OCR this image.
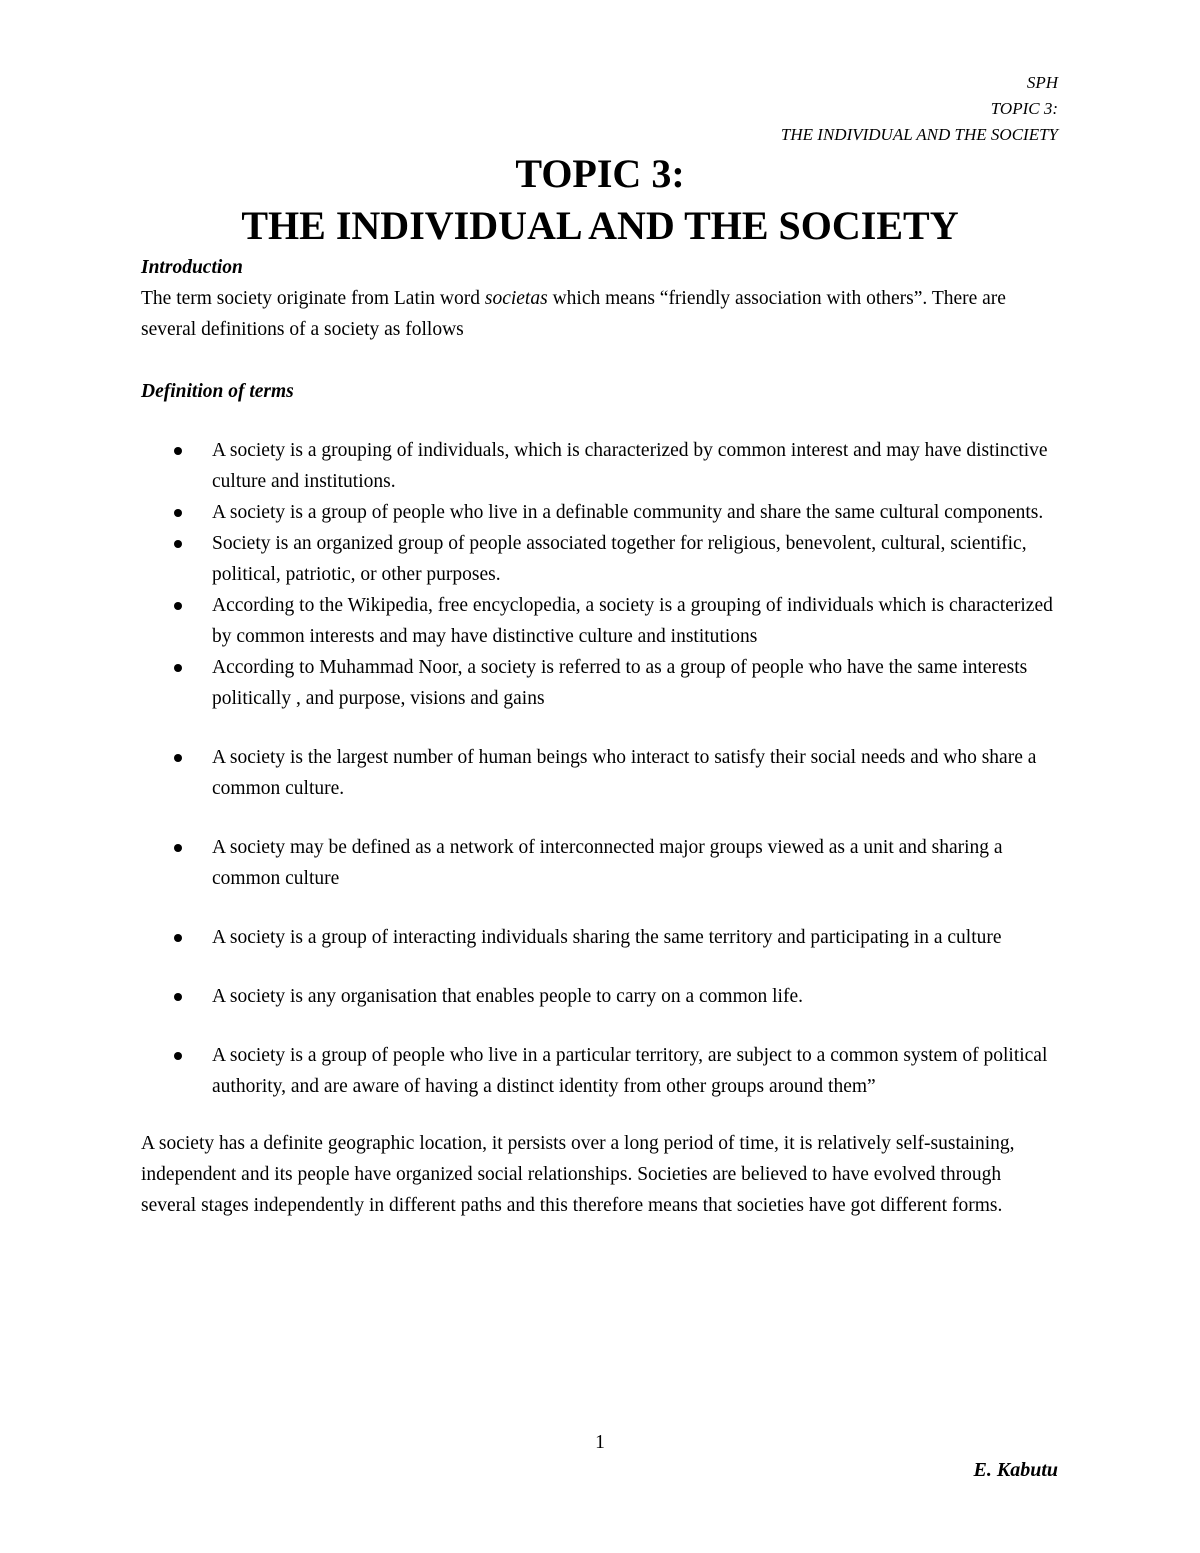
SPH
TOPIC 3:
THE INDIVIDUAL AND THE SOCIETY
TOPIC 3:
THE INDIVIDUAL AND THE SOCIETY

Introduction

The term society originate from Latin word societas which means “friendly association with others”. There are several definitions of a society as follows

Definition of terms

A society is a grouping of individuals, which is characterized by common interest and may have distinctive culture and institutions.
A society is a group of people who live in a definable community and share the same cultural components.
Society is an organized group of people associated together for religious, benevolent, cultural, scientific, political, patriotic, or other purposes.
According to the Wikipedia, free encyclopedia, a society is a grouping of individuals which is characterized by common interests and may have distinctive culture and institutions
According to Muhammad Noor, a society is referred to as a group of people who have the same interests politically , and purpose, visions and gains
A society is the largest number of human beings who interact to satisfy their social needs and who share a common culture.
A society may be defined as a network of interconnected major groups viewed as a unit and sharing a common culture
A society is a group of interacting individuals sharing the same territory and participating in a culture
A society is any organisation that enables people to carry on a common life.
A society is a group of people who live in a particular territory, are subject to a common system of political authority, and are aware of having a distinct identity from other groups around them”

A society has a definite geographic location, it persists over a long period of time, it is relatively self-sustaining, independent and its people have organized social relationships. Societies are believed to have evolved through several stages independently in different paths and this therefore means that societies have got different forms.

1
E. Kabutu
